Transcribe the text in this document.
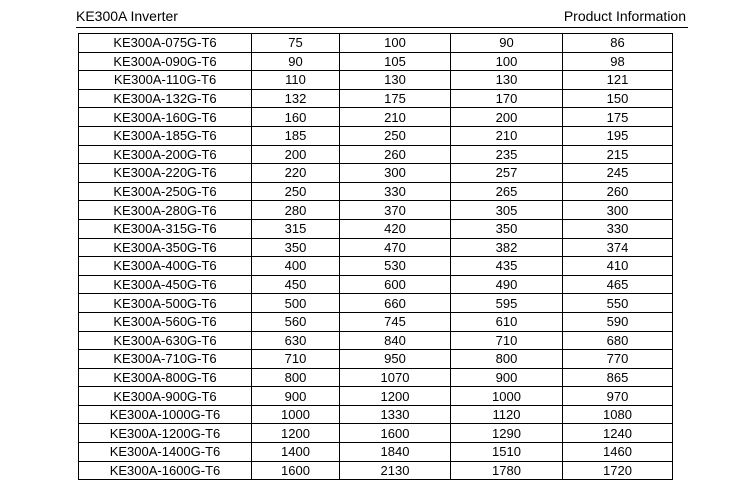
KE300A Inverter	Product Information
KE300A-075G-T6	75	100	90	86
KE300A-090G-T6	90	105	100	98
KE300A-110G-T6	110	130	130	121
KE300A-132G-T6	132	175	170	150
KE300A-160G-T6	160	210	200	175
KE300A-185G-T6	185	250	210	195
KE300A-200G-T6	200	260	235	215
KE300A-220G-T6	220	300	257	245
KE300A-250G-T6	250	330	265	260
KE300A-280G-T6	280	370	305	300
KE300A-315G-T6	315	420	350	330
KE300A-350G-T6	350	470	382	374
KE300A-400G-T6	400	530	435	410
KE300A-450G-T6	450	600	490	465
KE300A-500G-T6	500	660	595	550
KE300A-560G-T6	560	745	610	590
KE300A-630G-T6	630	840	710	680
KE300A-710G-T6	710	950	800	770
KE300A-800G-T6	800	1070	900	865
KE300A-900G-T6	900	1200	1000	970
KE300A-1000G-T6	1000	1330	1120	1080
KE300A-1200G-T6	1200	1600	1290	1240
KE300A-1400G-T6	1400	1840	1510	1460
KE300A-1600G-T6	1600	2130	1780	1720
